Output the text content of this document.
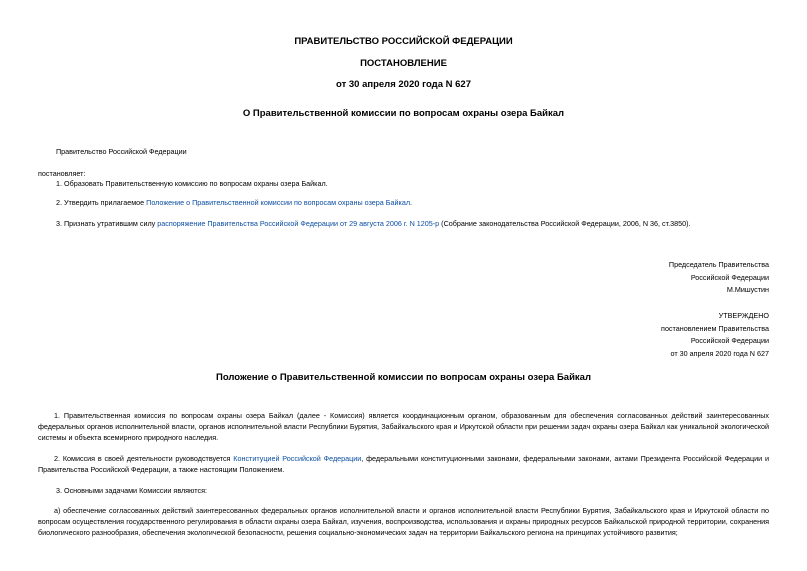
ПРАВИТЕЛЬСТВО РОССИЙСКОЙ ФЕДЕРАЦИИ
ПОСТАНОВЛЕНИЕ
от 30 апреля 2020 года N 627
О Правительственной комиссии по вопросам охраны озера Байкал
Правительство Российской Федерации
постановляет:
1. Образовать Правительственную комиссию по вопросам охраны озера Байкал.
2. Утвердить прилагаемое Положение о Правительственной комиссии по вопросам охраны озера Байкал.
3. Признать утратившим силу распоряжение Правительства Российской Федерации от 29 августа 2006 г. N 1205-р (Собрание законодательства Российской Федерации, 2006, N 36, ст.3850).
Председатель Правительства
Российской Федерации
М.Мишустин
УТВЕРЖДЕНО
постановлением Правительства
Российской Федерации
от 30 апреля 2020 года N 627
Положение о Правительственной комиссии по вопросам охраны озера Байкал
1. Правительственная комиссия по вопросам охраны озера Байкал (далее - Комиссия) является координационным органом, образованным для обеспечения согласованных действий заинтересованных федеральных органов исполнительной власти, органов исполнительной власти Республики Бурятия, Забайкальского края и Иркутской области при решении задач охраны озера Байкал как уникальной экологической системы и объекта всемирного природного наследия.
2. Комиссия в своей деятельности руководствуется Конституцией Российской Федерации, федеральными конституционными законами, федеральными законами, актами Президента Российской Федерации и Правительства Российской Федерации, а также настоящим Положением.
3. Основными задачами Комиссии являются:
а) обеспечение согласованных действий заинтересованных федеральных органов исполнительной власти и органов исполнительной власти Республики Бурятия, Забайкальского края и Иркутской области по вопросам осуществления государственного регулирования в области охраны озера Байкал, изучения, воспроизводства, использования и охраны природных ресурсов Байкальской природной территории, сохранения биологического разнообразия, обеспечения экологической безопасности, решения социально-экономических задач на территории Байкальского региона на принципах устойчивого развития;
